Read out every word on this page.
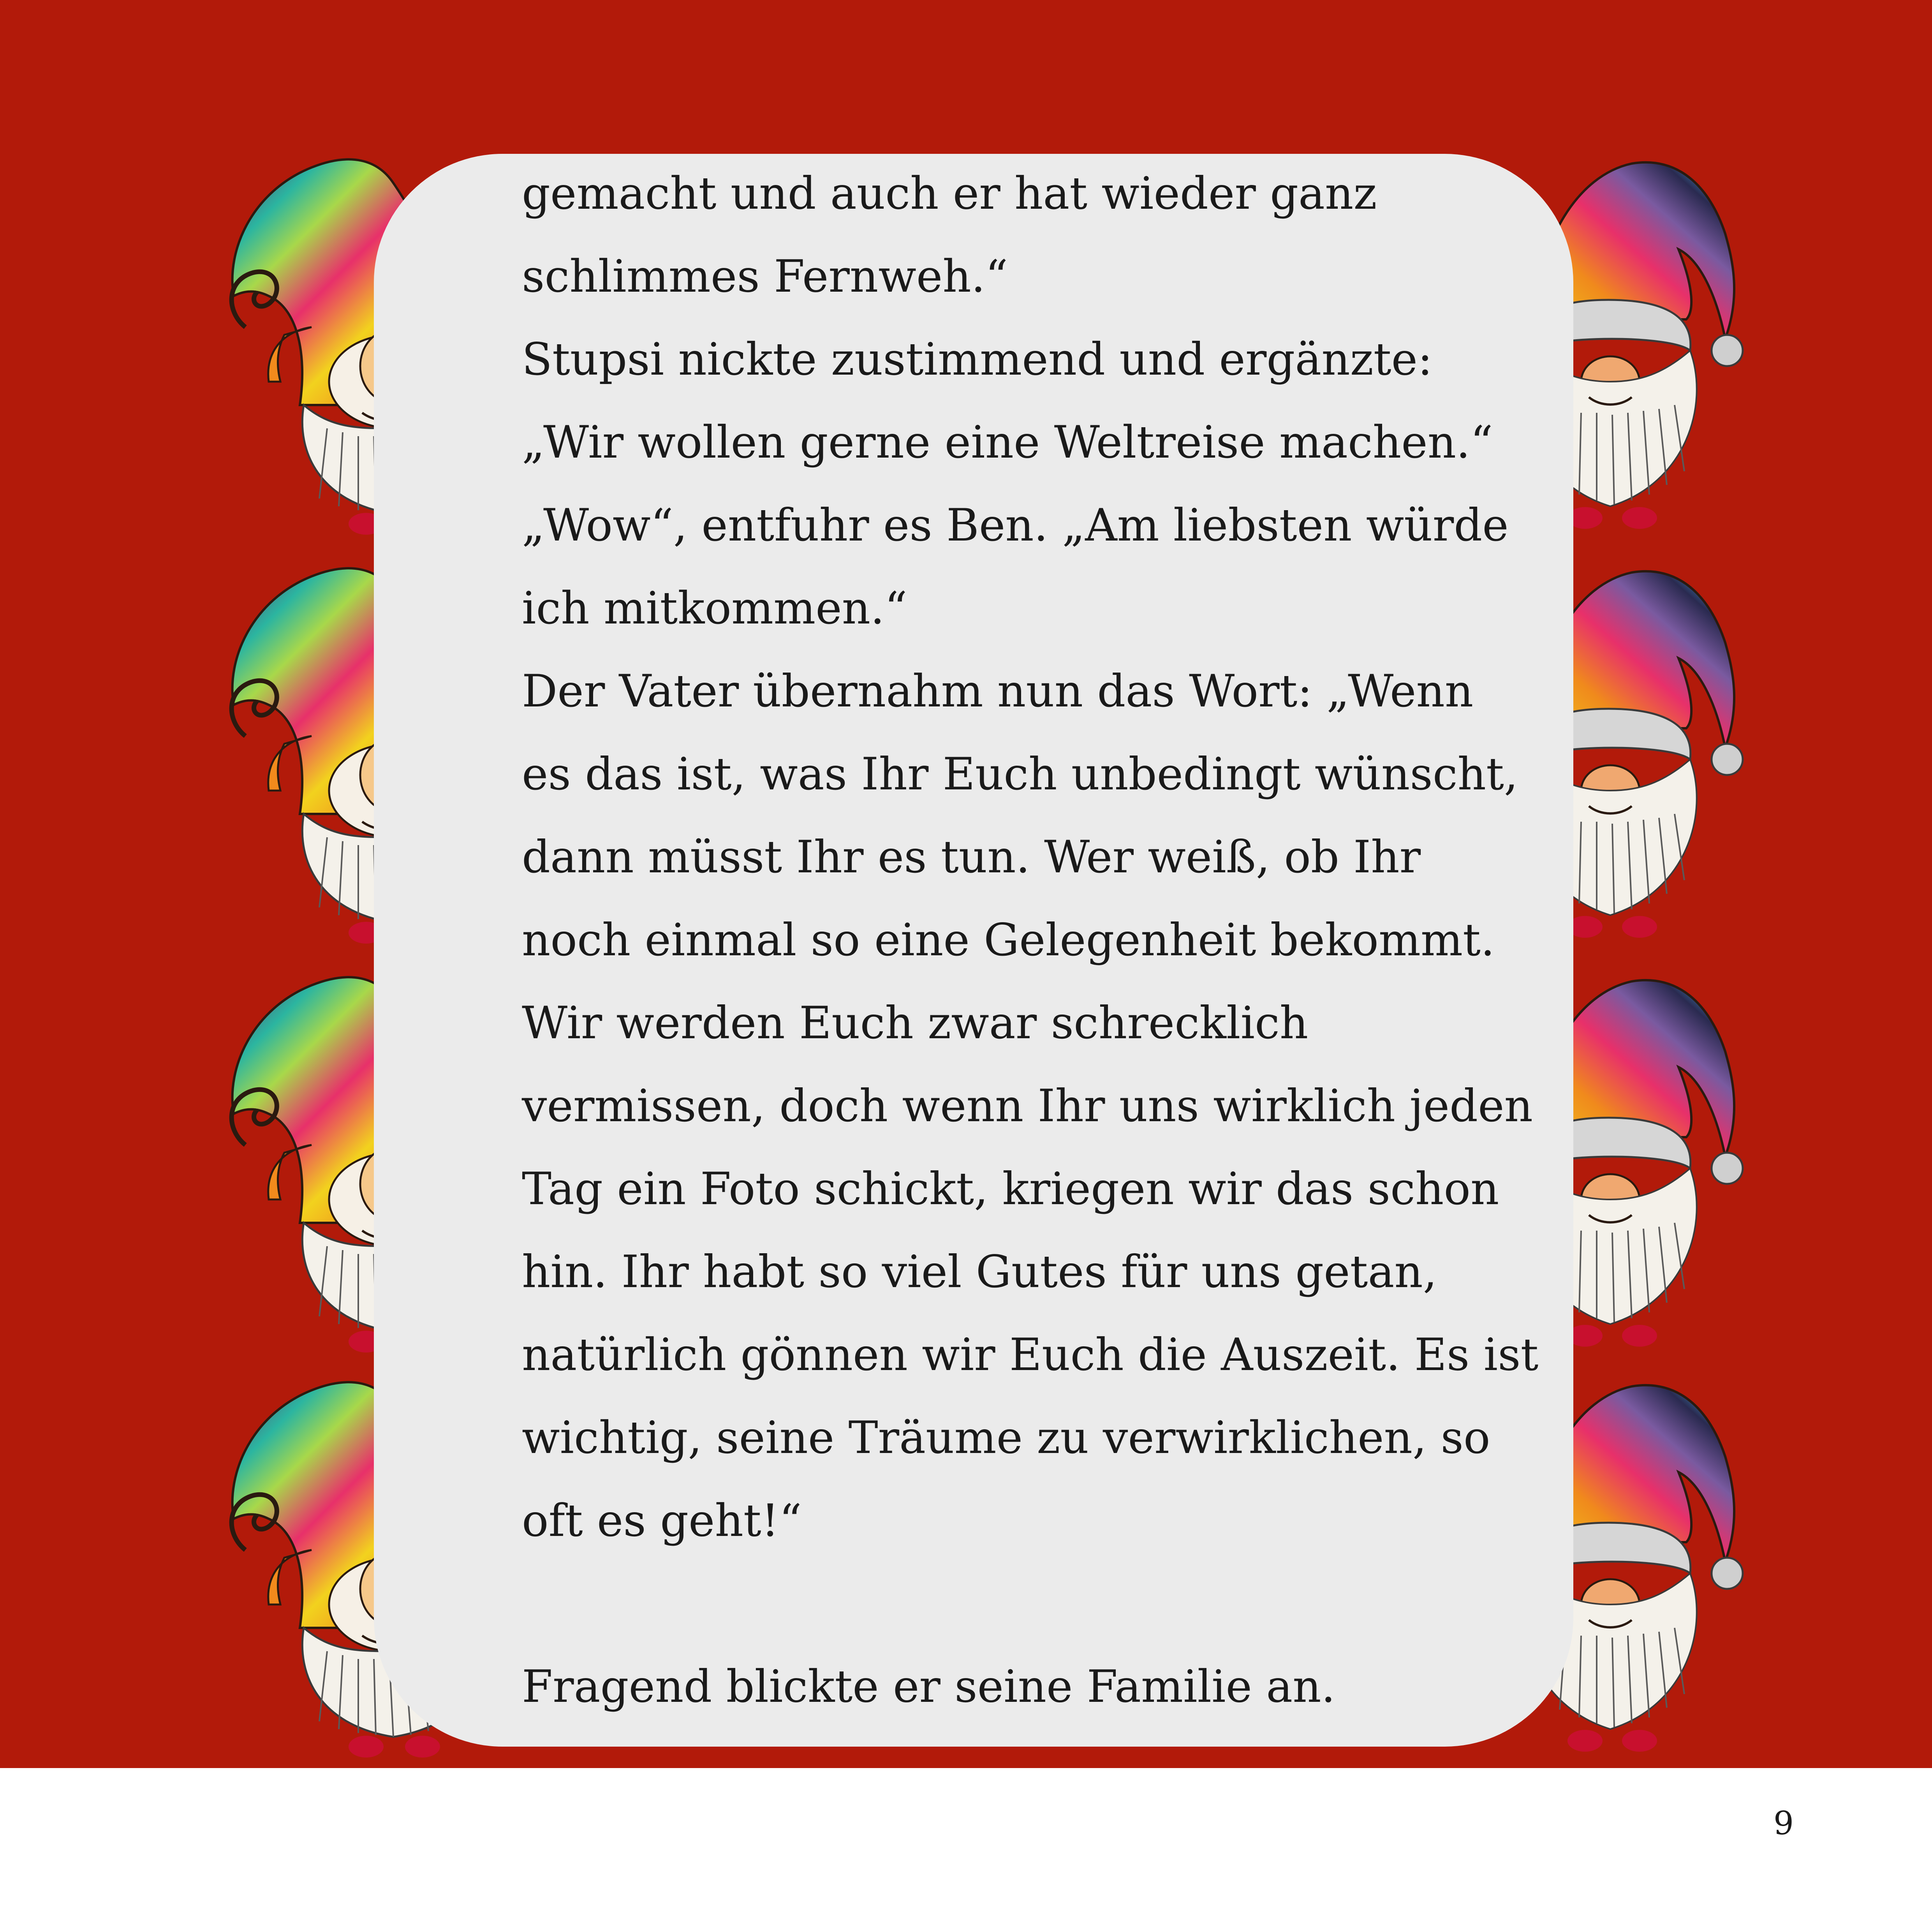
gemacht und auch er hat wieder ganz
schlimmes Fernweh.“
Stupsi nickte zustimmend und ergänzte:
„Wir wollen gerne eine Weltreise machen.“
„Wow“, entfuhr es Ben. „Am liebsten würde
ich mitkommen.“
Der Vater übernahm nun das Wort: „Wenn
es das ist, was Ihr Euch unbedingt wünscht,
dann müsst Ihr es tun. Wer weiß, ob Ihr
noch einmal so eine Gelegenheit bekommt.
Wir werden Euch zwar schrecklich
vermissen, doch wenn Ihr uns wirklich jeden
Tag ein Foto schickt, kriegen wir das schon
hin. Ihr habt so viel Gutes für uns getan,
natürlich gönnen wir Euch die Auszeit. Es ist
wichtig, seine Träume zu verwirklichen, so
oft es geht!“
Fragend blickte er seine Familie an.
9
